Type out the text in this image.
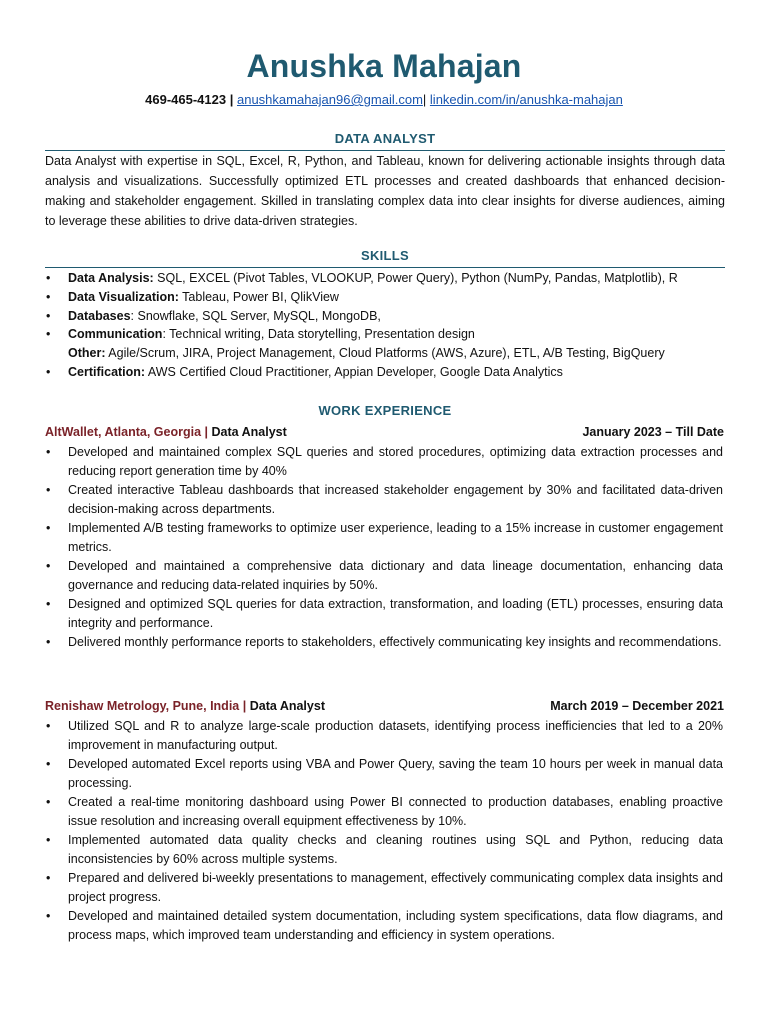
Anushka Mahajan
469-465-4123 | anushkamahajan96@gmail.com| linkedin.com/in/anushka-mahajan
DATA ANALYST
Data Analyst with expertise in SQL, Excel, R, Python, and Tableau, known for delivering actionable insights through data analysis and visualizations. Successfully optimized ETL processes and created dashboards that enhanced decision-making and stakeholder engagement. Skilled in translating complex data into clear insights for diverse audiences, aiming to leverage these abilities to drive data-driven strategies.
SKILLS
• Data Analysis: SQL, EXCEL (Pivot Tables, VLOOKUP, Power Query), Python (NumPy, Pandas, Matplotlib), R
• Data Visualization: Tableau, Power BI, QlikView
• Databases: Snowflake, SQL Server, MySQL, MongoDB,
• Communication: Technical writing, Data storytelling, Presentation design
Other: Agile/Scrum, JIRA, Project Management, Cloud Platforms (AWS, Azure), ETL, A/B Testing, BigQuery
• Certification: AWS Certified Cloud Practitioner, Appian Developer, Google Data Analytics
WORK EXPERIENCE
AltWallet, Atlanta, Georgia | Data Analyst	January 2023 – Till Date
• Developed and maintained complex SQL queries and stored procedures, optimizing data extraction processes and reducing report generation time by 40%
• Created interactive Tableau dashboards that increased stakeholder engagement by 30% and facilitated data-driven decision-making across departments.
• Implemented A/B testing frameworks to optimize user experience, leading to a 15% increase in customer engagement metrics.
• Developed and maintained a comprehensive data dictionary and data lineage documentation, enhancing data governance and reducing data-related inquiries by 50%.
• Designed and optimized SQL queries for data extraction, transformation, and loading (ETL) processes, ensuring data integrity and performance.
• Delivered monthly performance reports to stakeholders, effectively communicating key insights and recommendations.
Renishaw Metrology, Pune, India | Data Analyst	March 2019 – December 2021
• Utilized SQL and R to analyze large-scale production datasets, identifying process inefficiencies that led to a 20% improvement in manufacturing output.
• Developed automated Excel reports using VBA and Power Query, saving the team 10 hours per week in manual data processing.
• Created a real-time monitoring dashboard using Power BI connected to production databases, enabling proactive issue resolution and increasing overall equipment effectiveness by 10%.
• Implemented automated data quality checks and cleaning routines using SQL and Python, reducing data inconsistencies by 60% across multiple systems.
• Prepared and delivered bi-weekly presentations to management, effectively communicating complex data insights and project progress.
• Developed and maintained detailed system documentation, including system specifications, data flow diagrams, and process maps, which improved team understanding and efficiency in system operations.
